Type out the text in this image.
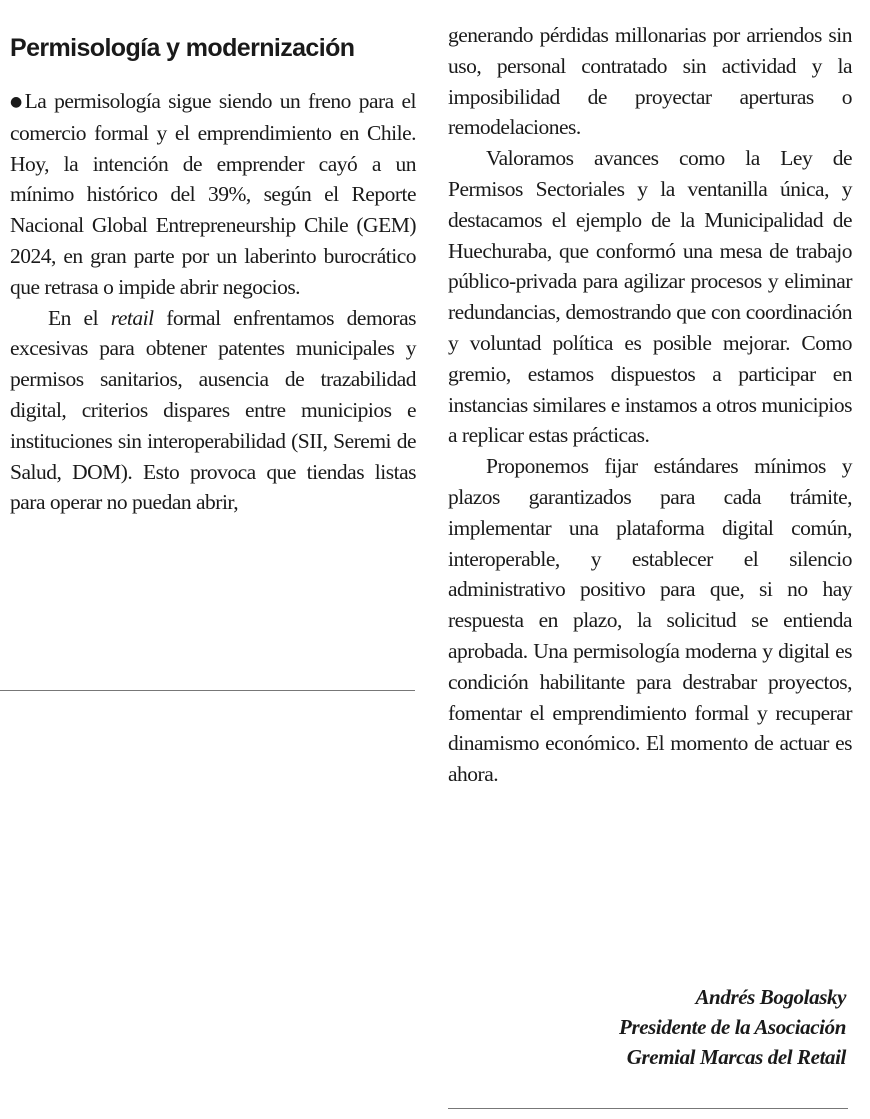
Permisología y modernización

●La permisología sigue siendo un freno para el comercio formal y el emprendimiento en Chile. Hoy, la intención de emprender cayó a un mínimo histórico del 39%, según el Reporte Nacional Global Entrepreneurship Chile (GEM) 2024, en gran parte por un laberinto burocrático que retrasa o impide abrir negocios.

En el retail formal enfrentamos demoras excesivas para obtener patentes municipales y permisos sanitarios, ausencia de trazabilidad digital, criterios dispares entre municipios e instituciones sin interoperabilidad (SII, Seremi de Salud, DOM). Esto provoca que tiendas listas para operar no puedan abrir,

generando pérdidas millonarias por arriendos sin uso, personal contratado sin actividad y la imposibilidad de proyectar aperturas o remodelaciones.

Valoramos avances como la Ley de Permisos Sectoriales y la ventanilla única, y destacamos el ejemplo de la Municipalidad de Huechuraba, que conformó una mesa de trabajo público-privada para agilizar procesos y eliminar redundancias, demostrando que con coordinación y voluntad política es posible mejorar. Como gremio, estamos dispuestos a participar en instancias similares e instamos a otros municipios a replicar estas prácticas.

Proponemos fijar estándares mínimos y plazos garantizados para cada trámite, implementar una plataforma digital común, interoperable, y establecer el silencio administrativo positivo para que, si no hay respuesta en plazo, la solicitud se entienda aprobada. Una permisología moderna y digital es condición habilitante para destrabar proyectos, fomentar el emprendimiento formal y recuperar dinamismo económico. El momento de actuar es ahora.

Andrés Bogolasky
Presidente de la Asociación
Gremial Marcas del Retail
